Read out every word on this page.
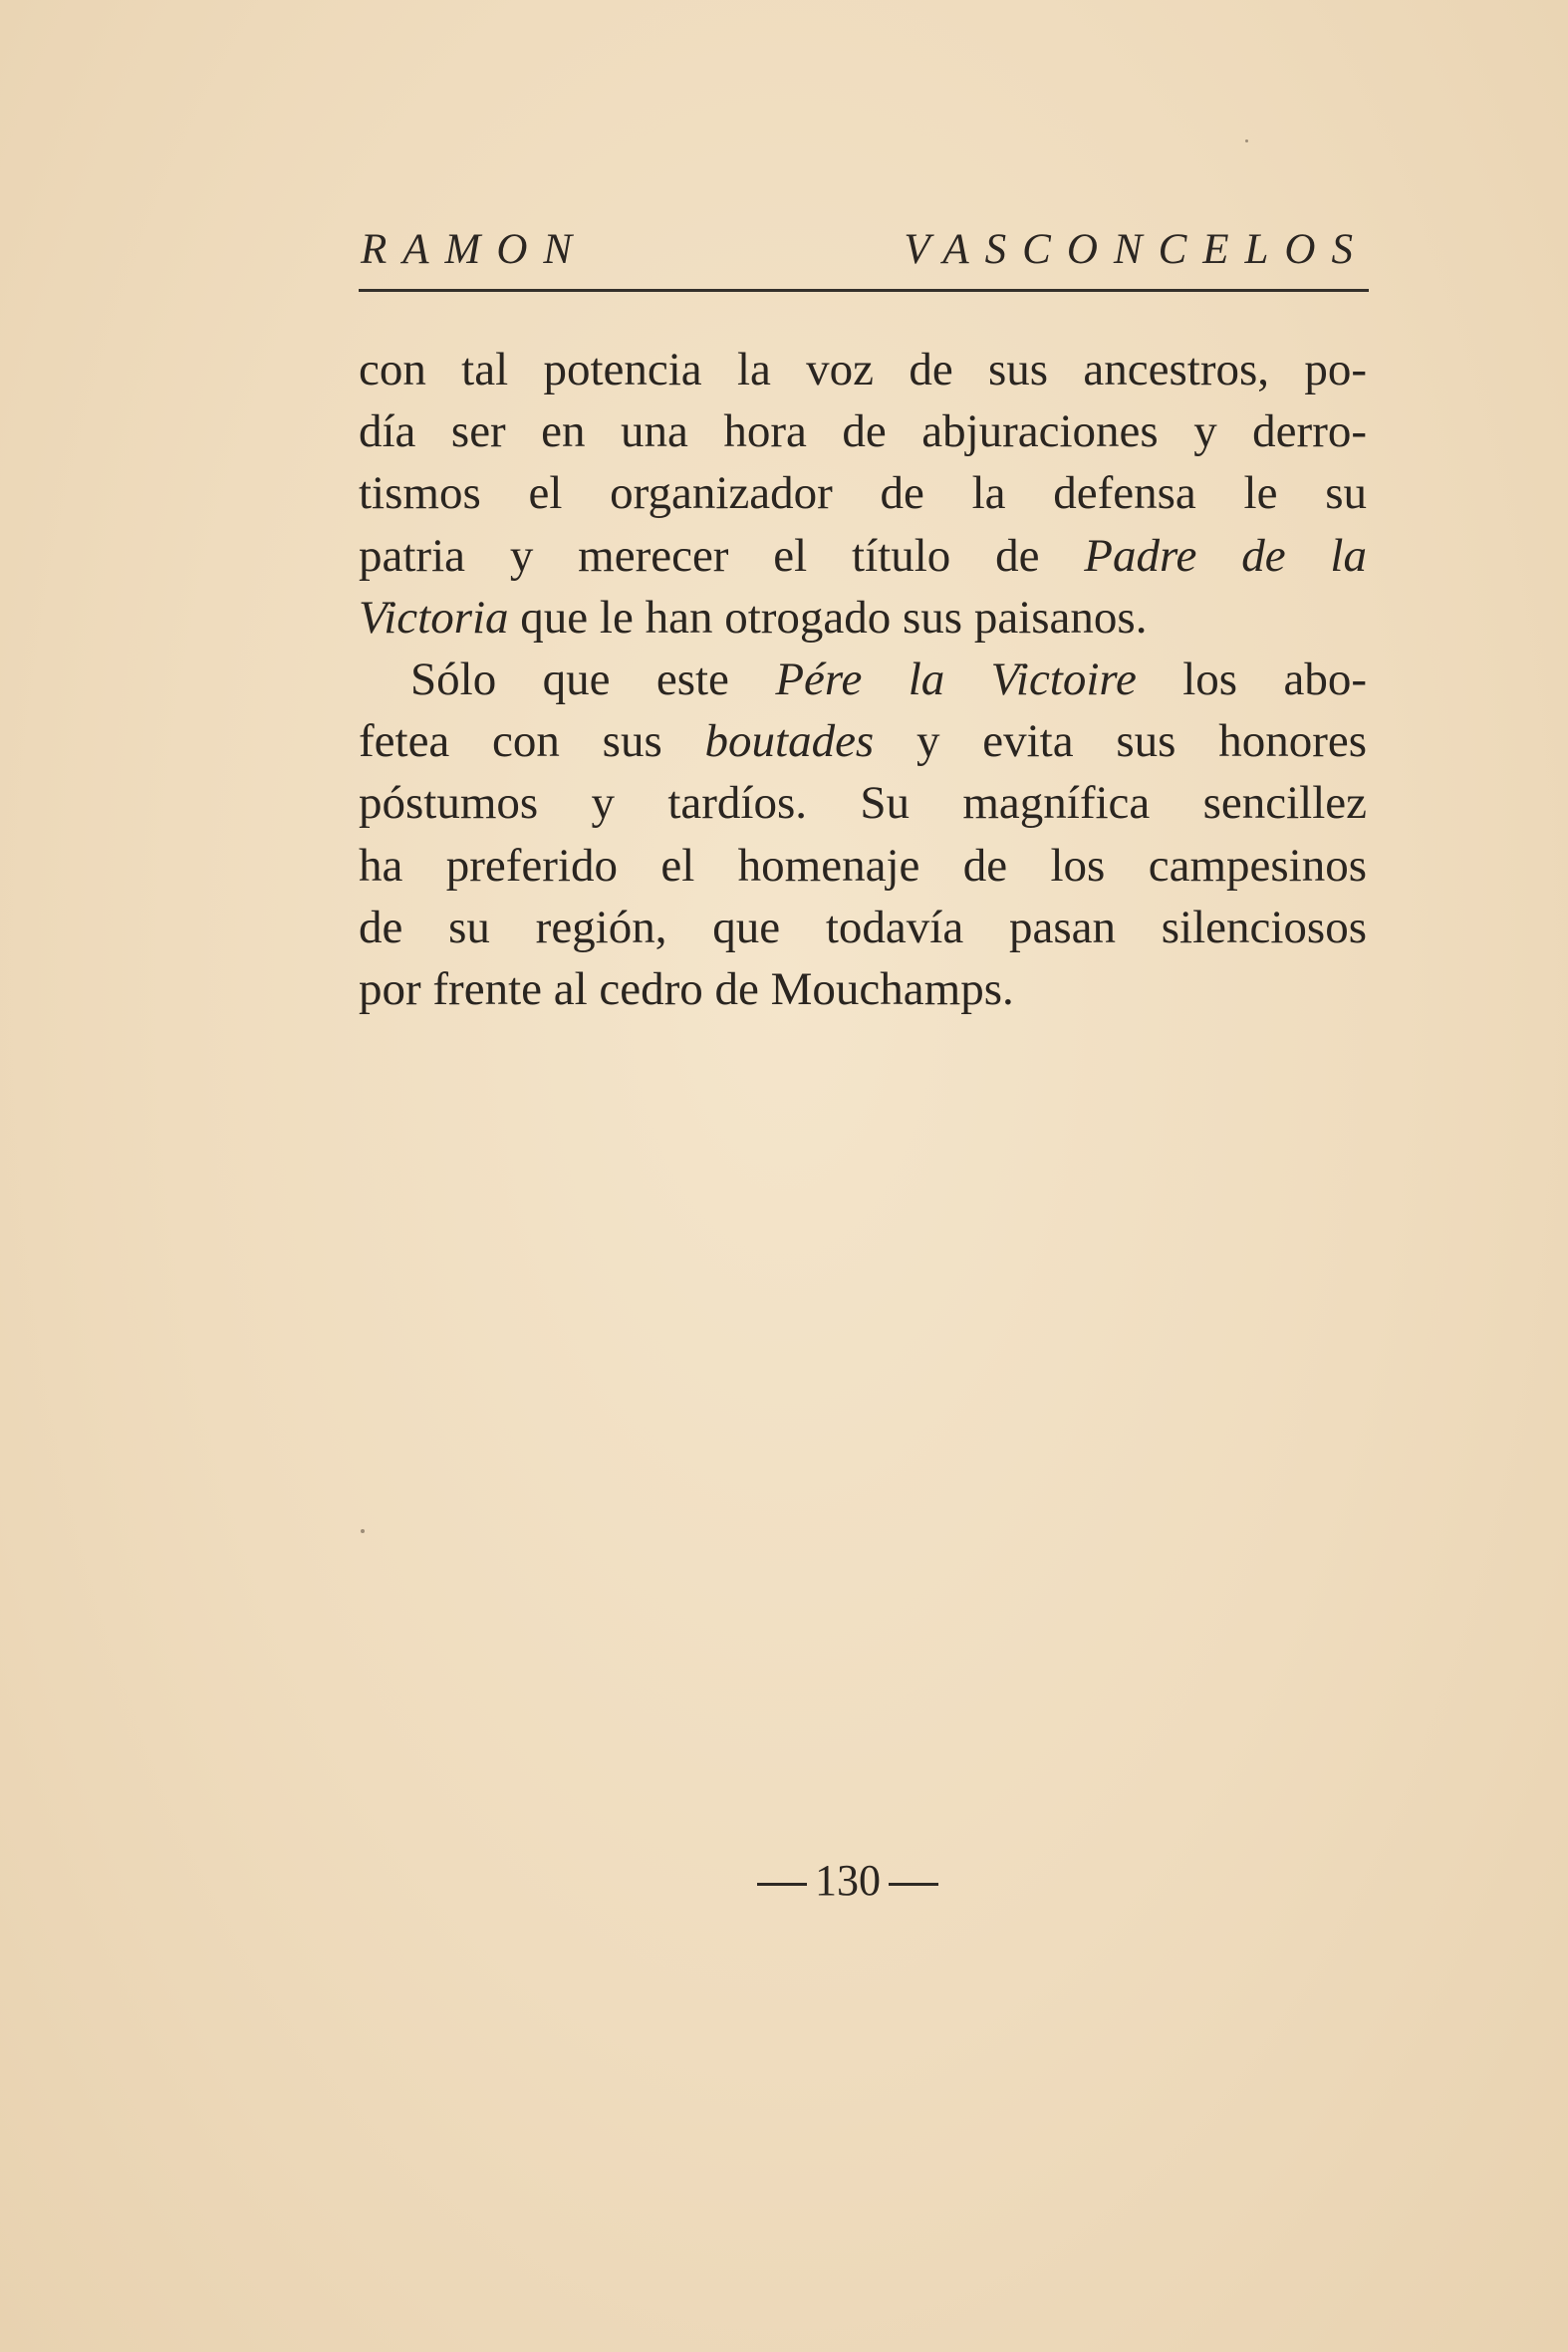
RAMON VASCONCELOS
con tal potencia la voz de sus ancestros, po-
día ser en una hora de abjuraciones y derro-
tismos el organizador de la defensa le su
patria y merecer el título de Padre de la
Victoria que le han otrogado sus paisanos.
Sólo que este Pére la Victoire los abo-
fetea con sus boutades y evita sus honores
póstumos y tardíos. Su magnífica sencillez
ha preferido el homenaje de los campesinos
de su región, que todavía pasan silenciosos
por frente al cedro de Mouchamps.
130
